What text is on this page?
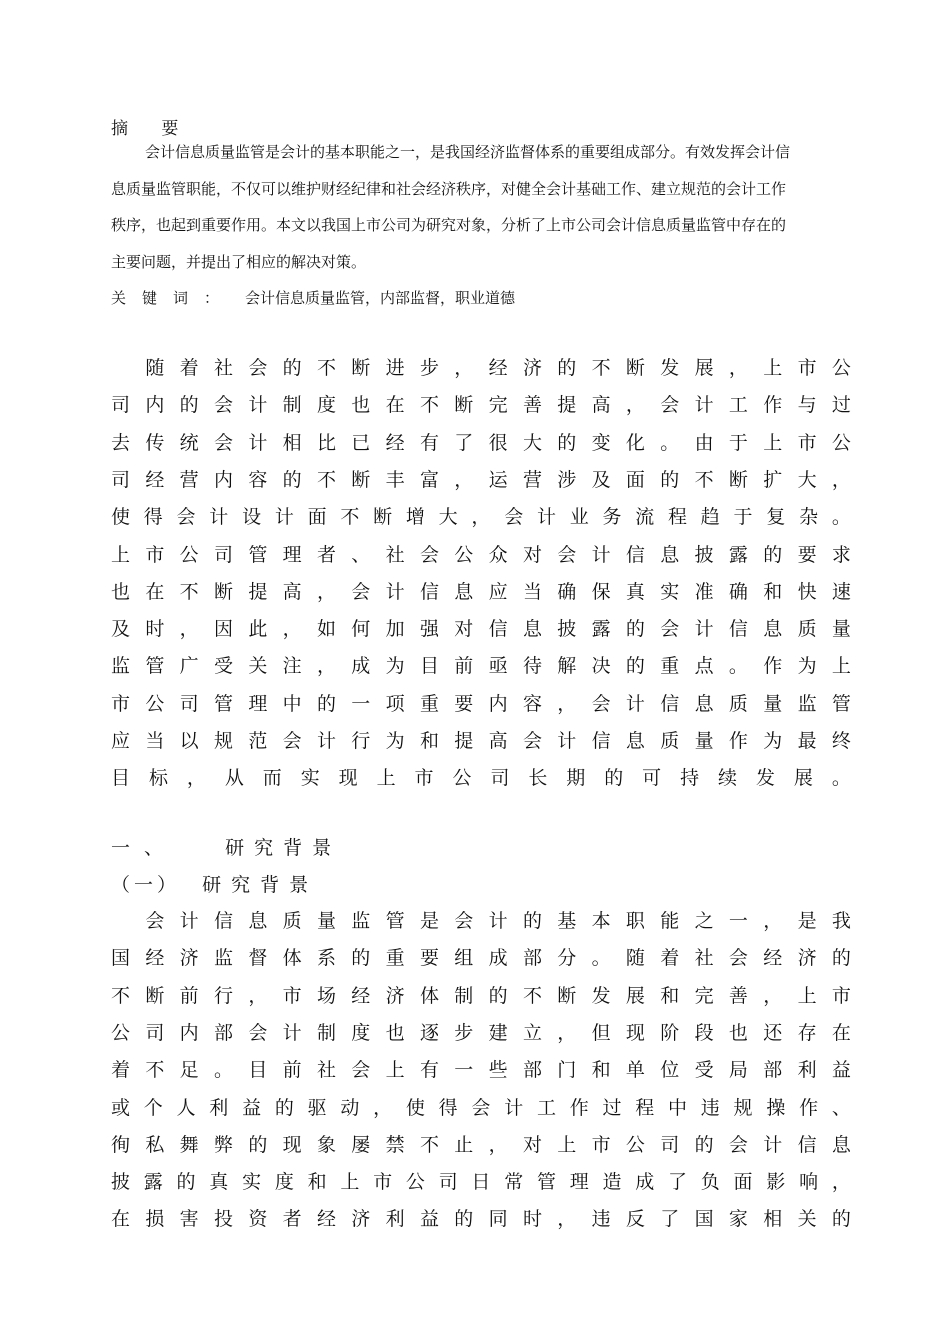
摘 要
会计信息质量监管是会计的基本职能之一，是我国经济监督体系的重要组成部分。有效发挥会计信
息质量监管职能，不仅可以维护财经纪律和社会经济秩序，对健全会计基础工作、建立规范的会计工作
秩序，也起到重要作用。本文以我国上市公司为研究对象，分析了上市公司会计信息质量监管中存在的
主要问题，并提出了相应的解决对策。
关键词： 会计信息质量监管，内部监督，职业道德

随 着 社 会 的 不 断 进 步 ， 经 济 的 不 断 发 展 ， 上 市 公
司 内 的 会 计 制 度 也 在 不 断 完 善 提 高 ， 会 计 工 作 与 过
去 传 统 会 计 相 比 已 经 有 了 很 大 的 变 化 。 由 于 上 市 公
司 经 营 内 容 的 不 断 丰 富 ， 运 营 涉 及 面 的 不 断 扩 大 ，
使 得 会 计 设 计 面 不 断 增 大 ， 会 计 业 务 流 程 趋 于 复 杂 。
上 市 公 司 管 理 者 、 社 会 公 众 对 会 计 信 息 披 露 的 要 求
也 在 不 断 提 高 ， 会 计 信 息 应 当 确 保 真 实 准 确 和 快 速
及 时 ， 因 此 ， 如 何 加 强 对 信 息 披 露 的 会 计 信 息 质 量
监 管 广 受 关 注 ， 成 为 目 前 亟 待 解 决 的 重 点 。 作 为 上
市 公 司 管 理 中 的 一 项 重 要 内 容 ， 会 计 信 息 质 量 监 管
应 当 以 规 范 会 计 行 为 和 提 高 会 计 信 息 质 量 作 为 最 终
目 标 ， 从 而 实 现 上 市 公 司 长 期 的 可 持 续 发 展 。
一、	研究背景
（一） 研究背景

会 计 信 息 质 量 监 管 是 会 计 的 基 本 职 能 之 一 ， 是 我
国 经 济 监 督 体 系 的 重 要 组 成 部 分 。 随 着 社 会 经 济 的
不 断 前 行 ， 市 场 经 济 体 制 的 不 断 发 展 和 完 善 ， 上 市
公 司 内 部 会 计 制 度 也 逐 步 建 立 ， 但 现 阶 段 也 还 存 在
着 不 足 。 目 前 社 会 上 有 一 些 部 门 和 单 位 受 局 部 利 益
或 个 人 利 益 的 驱 动 ， 使 得 会 计 工 作 过 程 中 违 规 操 作 、
徇 私 舞 弊 的 现 象 屡 禁 不 止 ， 对 上 市 公 司 的 会 计 信 息
披 露 的 真 实 度 和 上 市 公 司 日 常 管 理 造 成 了 负 面 影 响 ，
在 损 害 投 资 者 经 济 利 益 的 同 时 ， 违 反 了 国 家 相 关 的
